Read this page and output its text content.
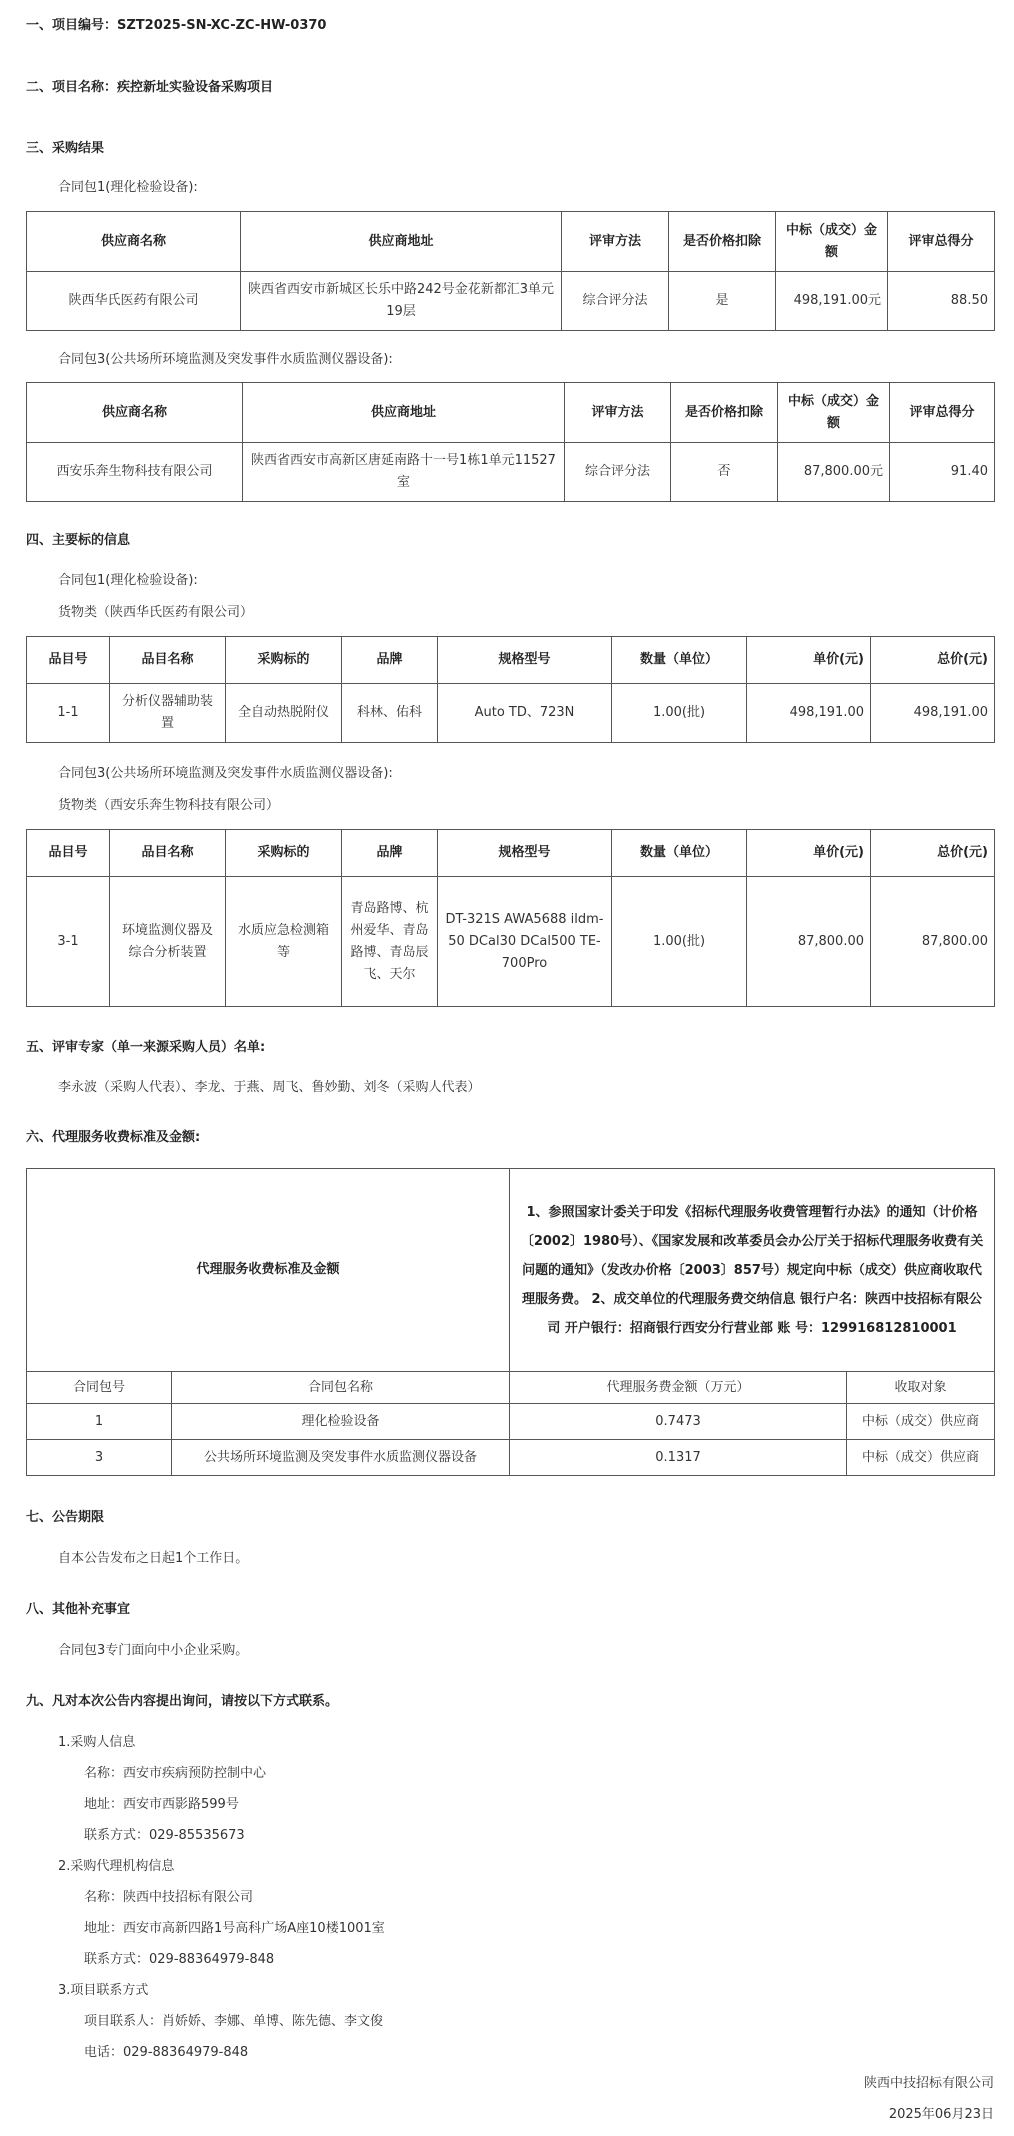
一、项目编号：SZT2025-SN-XC-ZC-HW-0370
二、项目名称：疾控新址实验设备采购项目
三、采购结果
合同包1(理化检验设备):
供应商名称	供应商地址	评审方法	是否价格扣除	中标（成交）金额	评审总得分
陕西华氏医药有限公司	陕西省西安市新城区长乐中路242号金花新都汇3单元19层	综合评分法	是	498,191.00元	88.50
合同包3(公共场所环境监测及突发事件水质监测仪器设备):
供应商名称	供应商地址	评审方法	是否价格扣除	中标（成交）金额	评审总得分
西安乐奔生物科技有限公司	陕西省西安市高新区唐延南路十一号1栋1单元11527室	综合评分法	否	87,800.00元	91.40
四、主要标的信息
合同包1(理化检验设备):
货物类（陕西华氏医药有限公司）
品目号	品目名称	采购标的	品牌	规格型号	数量（单位）	单价(元)	总价(元)
1-1	分析仪器辅助装置	全自动热脱附仪	科林、佑科	Auto TD、723N	1.00(批)	498,191.00	498,191.00
合同包3(公共场所环境监测及突发事件水质监测仪器设备):
货物类（西安乐奔生物科技有限公司）
品目号	品目名称	采购标的	品牌	规格型号	数量（单位）	单价(元)	总价(元)
3-1	环境监测仪器及综合分析装置	水质应急检测箱等	青岛路博、杭州爱华、青岛路博、青岛辰飞、天尔	DT-321S AWA5688 ildm-50 DCal30 DCal500 TE-700Pro	1.00(批)	87,800.00	87,800.00
五、评审专家（单一来源采购人员）名单:
李永波（采购人代表）、李龙、于燕、周飞、鲁妙勤、刘冬（采购人代表）
六、代理服务收费标准及金额:
代理服务收费标准及金额		1、参照国家计委关于印发《招标代理服务收费管理暂行办法》的通知（计价格〔2002〕1980号）、《国家发展和改革委员会办公厅关于招标代理服务收费有关问题的通知》（发改办价格〔2003〕857号）规定向中标（成交）供应商收取代理服务费。 2、成交单位的代理服务费交纳信息 银行户名：陕西中技招标有限公司 开户银行：招商银行西安分行营业部 账 号：129916812810001	
合同包号	合同包名称	代理服务费金额（万元）	收取对象
1	理化检验设备	0.7473	中标（成交）供应商
3	公共场所环境监测及突发事件水质监测仪器设备	0.1317	中标（成交）供应商
七、公告期限
自本公告发布之日起1个工作日。
八、其他补充事宜
合同包3专门面向中小企业采购。
九、凡对本次公告内容提出询问，请按以下方式联系。
1.采购人信息
名称：西安市疾病预防控制中心
地址：西安市西影路599号
联系方式：029-85535673
2.采购代理机构信息
名称：陕西中技招标有限公司
地址：西安市高新四路1号高科广场A座10楼1001室
联系方式：029-88364979-848
3.项目联系方式
项目联系人：肖娇娇、李娜、单博、陈先德、李文俊
电话：029-88364979-848
陕西中技招标有限公司
2025年06月23日
